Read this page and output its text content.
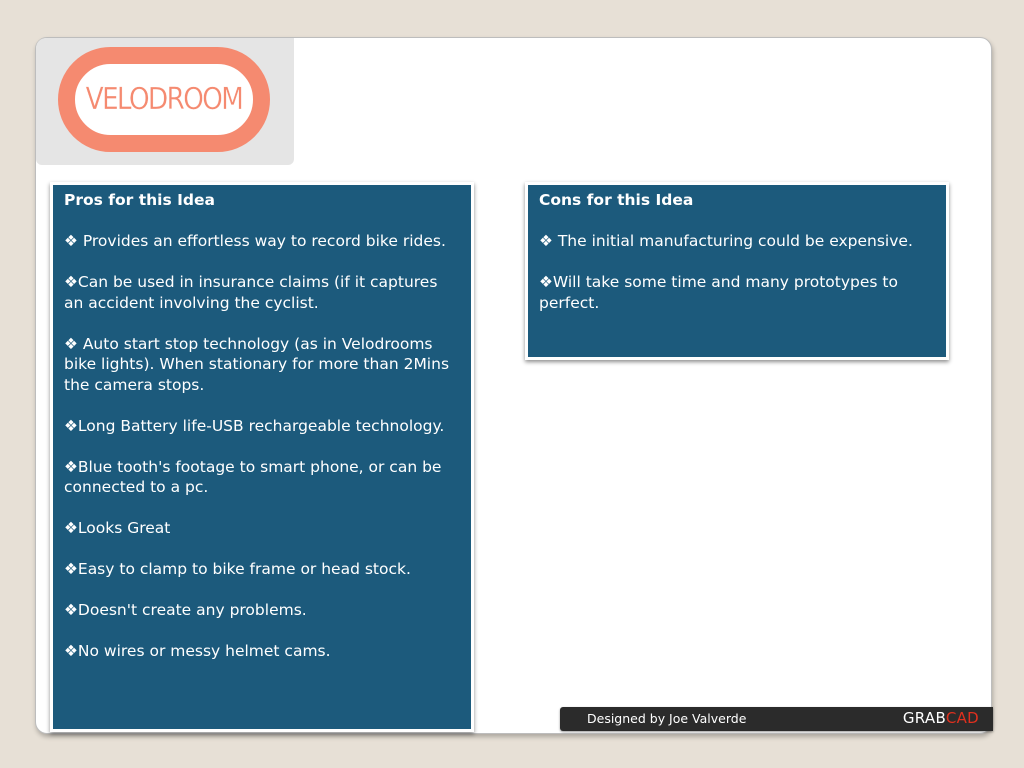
VELODROOM
Pros for this Idea
❖ Provides an effortless way to record bike rides.
❖Can be used in insurance claims (if it captures an accident involving the cyclist.
❖ Auto start stop technology (as in Velodrooms bike lights). When stationary for more than 2Mins the camera stops.
❖Long Battery life-USB rechargeable technology.
❖Blue tooth's footage to smart phone, or can be connected to a pc.
❖Looks Great
❖Easy to clamp to bike frame or head stock.
❖Doesn't create any problems.
❖No wires or messy helmet cams.
Cons for this Idea
❖ The initial manufacturing could be expensive.
❖Will take some time and many prototypes to perfect.
Designed by Joe Valverde	GRABCAD
